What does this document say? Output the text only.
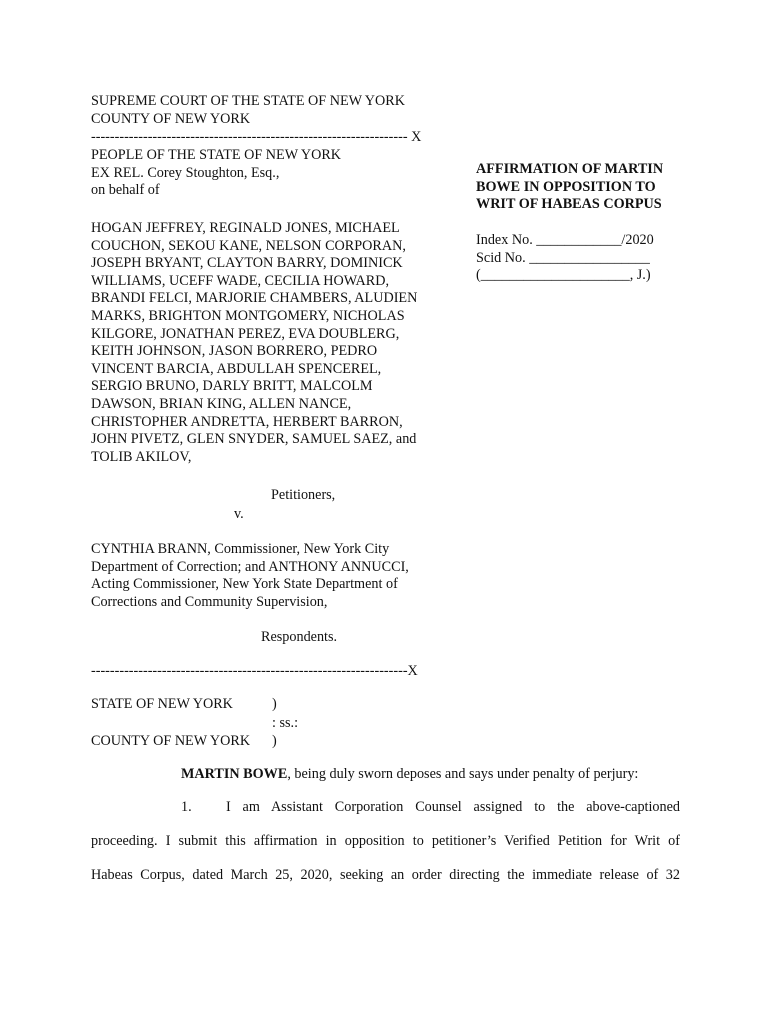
SUPREME COURT OF THE STATE OF NEW YORK
COUNTY OF NEW YORK
------------------------------------------------------------------- X
PEOPLE OF THE STATE OF NEW YORK
EX REL. Corey Stoughton, Esq.,
on behalf of
HOGAN JEFFREY, REGINALD JONES, MICHAEL
COUCHON, SEKOU KANE, NELSON CORPORAN,
JOSEPH BRYANT, CLAYTON BARRY, DOMINICK
WILLIAMS, UCEFF WADE, CECILIA HOWARD,
BRANDI FELCI, MARJORIE CHAMBERS, ALUDIEN
MARKS, BRIGHTON MONTGOMERY, NICHOLAS
KILGORE, JONATHAN PEREZ, EVA DOUBLERG,
KEITH JOHNSON, JASON BORRERO, PEDRO
VINCENT BARCIA, ABDULLAH SPENCEREL,
SERGIO BRUNO, DARLY BRITT, MALCOLM
DAWSON, BRIAN KING, ALLEN NANCE,
CHRISTOPHER ANDRETTA, HERBERT BARRON,
JOHN PIVETZ, GLEN SNYDER, SAMUEL SAEZ, and
TOLIB AKILOV,
Petitioners,
v.
CYNTHIA BRANN, Commissioner, New York City
Department of Correction; and ANTHONY ANNUCCI,
Acting Commissioner, New York State Department of
Corrections and Community Supervision,
Respondents.
-------------------------------------------------------------------X
AFFIRMATION OF MARTIN
BOWE IN OPPOSITION TO
WRIT OF HABEAS CORPUS
Index No. ____________/2020
Scid No. _________________
(_____________________, J.)
STATE OF NEW YORK	)
: ss.:
COUNTY OF NEW YORK )
MARTIN BOWE, being duly sworn deposes and says under penalty of perjury:
1. I am Assistant Corporation Counsel assigned to the above-captioned
proceeding. I submit this affirmation in opposition to petitioner’s Verified Petition for Writ of
Habeas Corpus, dated March 25, 2020, seeking an order directing the immediate release of 32
